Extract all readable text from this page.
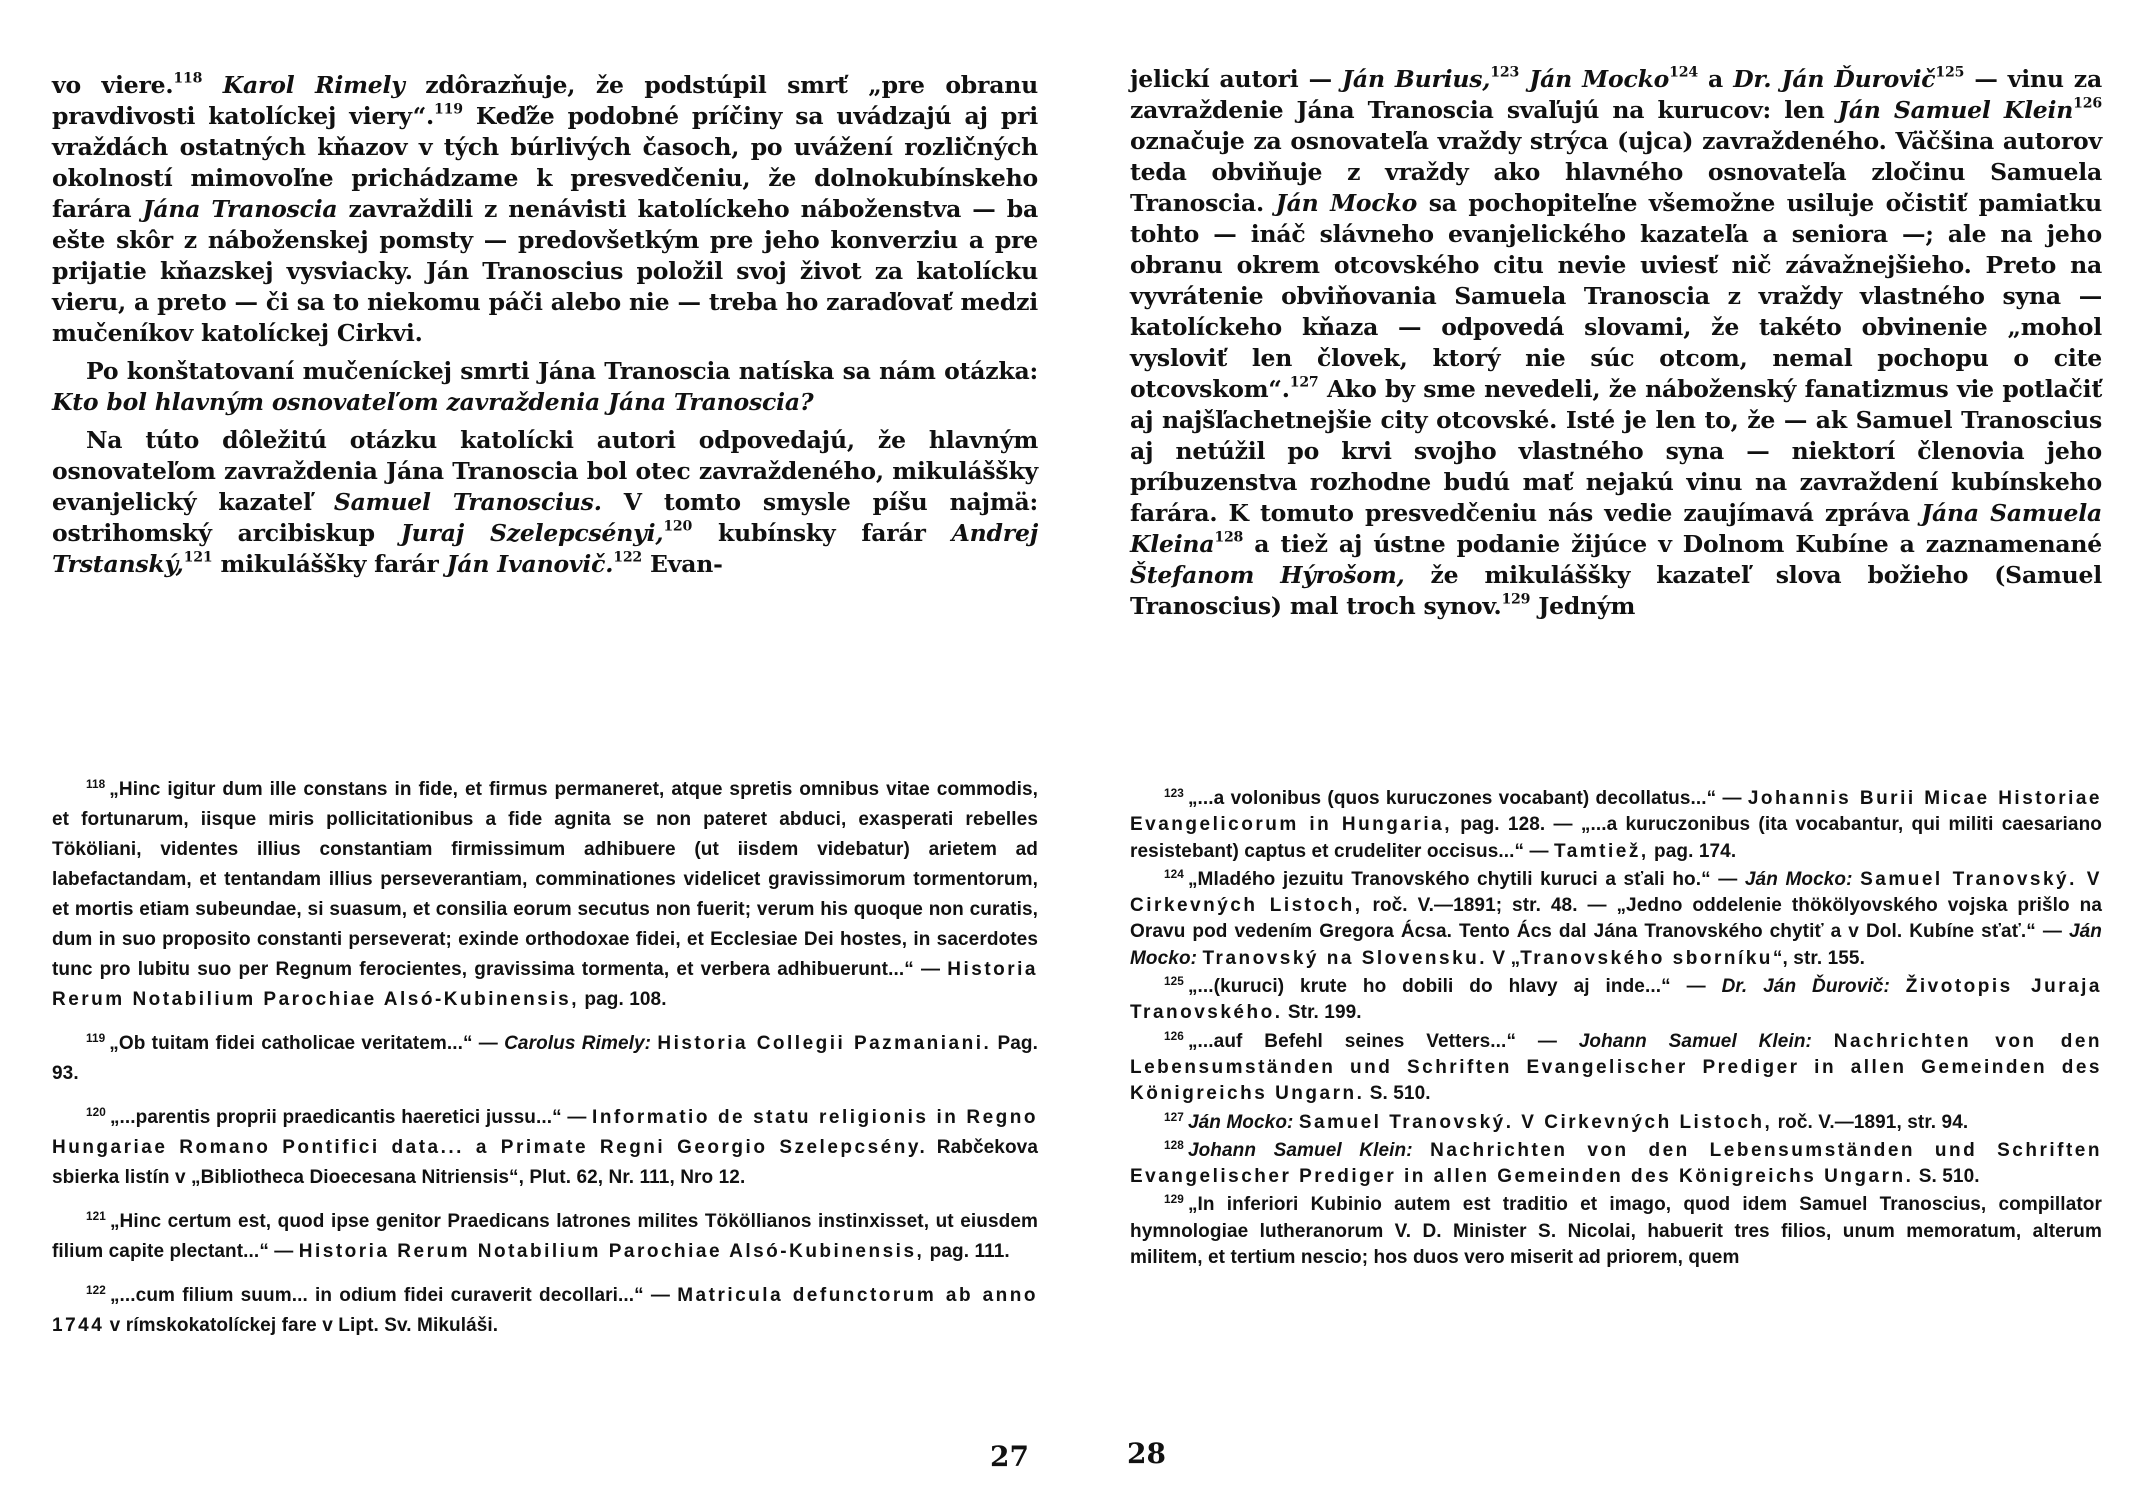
vo viere.$^{118}$ Karol Rimely zdôrazňuje, že podstúpil smrť „pre obranu pravdivosti katolíckej viery“.$^{119}$ Keďže podobné príčiny sa uvádzajú aj pri vraždách ostatných kňazov v tých búrlivých časoch, po uvážení rozličných okolností mimovoľne prichádzame k presvedčeniu, že dolnokubínskeho farára Jána Tranoscia zavraždili z nenávisti katolíckeho náboženstva — ba ešte skôr z náboženskej pomsty — predovšetkým pre jeho konverziu a pre prijatie kňazskej vysviacky. Ján Tranoscius položil svoj život za katolícku vieru, a preto — či sa to niekomu páči alebo nie — treba ho zaraďovať medzi mučeníkov katolíckej Cirkvi.

Po konštatovaní mučeníckej smrti Jána Tranoscia natíska sa nám otázka: Kto bol hlavným osnovateľom zavraždenia Jána Tranoscia?

Na túto dôležitú otázku katolícki autori odpovedajú, že hlavným osnovateľom zavraždenia Jána Tranoscia bol otec zavraždeného, mikuláššky evanjelický kazateľ Samuel Tranoscius. V tomto smysle píšu najmä: ostrihomský arcibiskup Juraj Szelepcsényi,$^{120}$ kubínsky farár Andrej Trstanský,$^{121}$ mikuláššky farár Ján Ivanovič.$^{122}$ Evan-

$^{118}$ „Hinc igitur dum ille constans in fide, et firmus permaneret, atque spretis omnibus vitae commodis, et fortunarum, iisque miris pollicitationibus a fide agnita se non pateret abduci, exasperati rebelles Tököliani, videntes illius constantiam firmissimum adhibuere (ut iisdem videbatur) arietem ad labefactandam, et tentandam illius perseverantiam, comminationes videlicet gravissimorum tormentorum, et mortis etiam subeundae, si suasum, et consilia eorum secutus non fuerit; verum his quoque non curatis, dum in suo proposito constanti perseverat; exinde orthodoxae fidei, et Ecclesiae Dei hostes, in sacerdotes tunc pro lubitu suo per Regnum ferocientes, gravissima tormenta, et verbera adhibuerunt...“ — Historia Rerum Notabilium Parochiae Alsó-Kubinensis, pag. 108.

$^{119}$ „Ob tuitam fidei catholicae veritatem...“ — Carolus Rimely: Historia Collegii Pazmaniani. Pag. 93.

$^{120}$ „...parentis proprii praedicantis haeretici jussu...“ — Informatio de statu religionis in Regno Hungariae Romano Pontifici data... a Primate Regni Georgio Szelepcsény. Rabčekova sbierka listín v „Bibliotheca Dioecesana Nitriensis“, Plut. 62, Nr. 111, Nro 12.

$^{121}$ „Hinc certum est, quod ipse genitor Praedicans latrones milites Tököllianos instinxisset, ut eiusdem filium capite plectant...“ — Historia Rerum Notabilium Parochiae Alsó-Kubinensis, pag. 111.

$^{122}$ „...cum filium suum... in odium fidei curaverit decollari...“ — Matricula defunctorum ab anno 1744 v rímskokatolíckej fare v Lipt. Sv. Mikuláši.

27

jelickí autori — Ján Burius,$^{123}$ Ján Mocko$^{124}$ a Dr. Ján Ďurovič$^{125}$ — vinu za zavraždenie Jána Tranoscia svaľujú na kurucov: len Ján Samuel Klein$^{126}$ označuje za osnovateľa vraždy strýca (ujca) zavraždeného. Väčšina autorov teda obviňuje z vraždy ako hlavného osnovateľa zločinu Samuela Tranoscia. Ján Mocko sa pochopiteľne všemožne usiluje očistiť pamiatku tohto — ináč slávneho evanjelického kazateľa a seniora —; ale na jeho obranu okrem otcovského citu nevie uviesť nič závažnejšieho. Preto na vyvrátenie obviňovania Samuela Tranoscia z vraždy vlastného syna — katolíckeho kňaza — odpovedá slovami, že takéto obvinenie „mohol vysloviť len človek, ktorý nie súc otcom, nemal pochopu o cite otcovskom“.$^{127}$ Ako by sme nevedeli, že náboženský fanatizmus vie potlačiť aj najšľachetnejšie city otcovské. Isté je len to, že — ak Samuel Tranoscius aj netúžil po krvi svojho vlastného syna — niektorí členovia jeho príbuzenstva rozhodne budú mať nejakú vinu na zavraždení kubínskeho farára. K tomuto presvedčeniu nás vedie zaujímavá zpráva Jána Samuela Kleina$^{128}$ a tiež aj ústne podanie žijúce v Dolnom Kubíne a zaznamenané Štefanom Hýrošom, že mikuláššky kazateľ slova božieho (Samuel Tranoscius) mal troch synov.$^{129}$ Jedným

$^{123}$ „...a volonibus (quos kuruczones vocabant) decollatus...“ — Johannis Burii Micae Historiae Evangelicorum in Hungaria, pag. 128. — „...a kuruczonibus (ita vocabantur, qui militi caesariano resistebant) captus et crudeliter occisus...“ — Tamtiež, pag. 174.

$^{124}$ „Mladého jezuitu Tranovského chytili kuruci a sťali ho.“ — Ján Mocko: Samuel Tranovský. V Cirkevných Listoch, roč. V.—1891; str. 48. — „Jedno oddelenie thökölyovského vojska prišlo na Oravu pod vedením Gregora Ácsa. Tento Ács dal Jána Tranovského chytiť a v Dol. Kubíne sťať.“ — Ján Mocko: Tranovský na Slovensku. V „Tranovského sborníku“, str. 155.

$^{125}$ „...(kuruci) krute ho dobili do hlavy aj inde...“ — Dr. Ján Ďurovič: Životopis Juraja Tranovského. Str. 199.

$^{126}$ „...auf Befehl seines Vetters...“ — Johann Samuel Klein: Nachrichten von den Lebensumständen und Schriften Evangelischer Prediger in allen Gemeinden des Königreichs Ungarn. S. 510.

$^{127}$ Ján Mocko: Samuel Tranovský. V Cirkevných Listoch, roč. V.—1891, str. 94.

$^{128}$ Johann Samuel Klein: Nachrichten von den Lebensumständen und Schriften Evangelischer Prediger in allen Gemeinden des Königreichs Ungarn. S. 510.

$^{129}$ „In inferiori Kubinio autem est traditio et imago, quod idem Samuel Tranoscius, compillator hymnologiae lutheranorum V. D. Minister S. Nicolai, habuerit tres filios, unum memoratum, alterum militem, et tertium nescio; hos duos vero miserit ad priorem, quem

28
